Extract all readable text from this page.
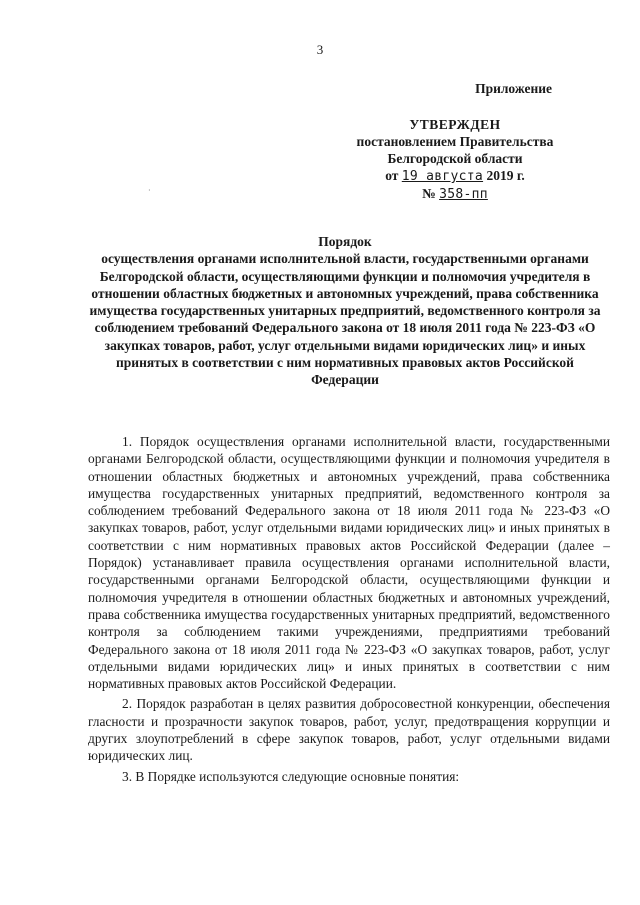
3
Приложение
УТВЕРЖДЕН
постановлением Правительства
Белгородской области
от 19 августа 2019 г.
№ 358-пп
·
Порядок
осуществления органами исполнительной власти, государственными органами Белгородской области, осуществляющими функции и полномочия учредителя в отношении областных бюджетных и автономных учреждений, права собственника имущества государственных унитарных предприятий, ведомственного контроля за соблюдением требований Федерального закона от 18 июля 2011 года № 223-ФЗ «О закупках товаров, работ, услуг отдельными видами юридических лиц» и иных принятых в соответствии с ним нормативных правовых актов Российской Федерации

1. Порядок осуществления органами исполнительной власти, государственными органами Белгородской области, осуществляющими функции и полномочия учредителя в отношении областных бюджетных и автономных учреждений, права собственника имущества государственных унитарных предприятий, ведомственного контроля за соблюдением требований Федерального закона от 18 июля 2011 года № 223-ФЗ «О закупках товаров, работ, услуг отдельными видами юридических лиц» и иных принятых в соответствии с ним нормативных правовых актов Российской Федерации (далее – Порядок) устанавливает правила осуществления органами исполнительной власти, государственными органами Белгородской области, осуществляющими функции и полномочия учредителя в отношении областных бюджетных и автономных учреждений, права собственника имущества государственных унитарных предприятий, ведомственного контроля за соблюдением такими учреждениями, предприятиями требований Федерального закона от 18 июля 2011 года № 223-ФЗ «О закупках товаров, работ, услуг отдельными видами юридических лиц» и иных принятых в соответствии с ним нормативных правовых актов Российской Федерации.

2. Порядок разработан в целях развития добросовестной конкуренции, обеспечения гласности и прозрачности закупок товаров, работ, услуг, предотвращения коррупции и других злоупотреблений в сфере закупок товаров, работ, услуг отдельными видами юридических лиц.

3. В Порядке используются следующие основные понятия:
